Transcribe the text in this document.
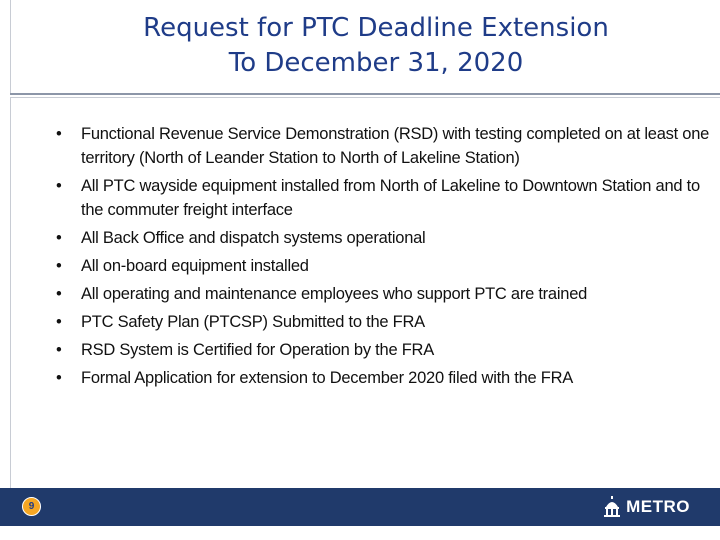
Request for PTC Deadline Extension
To December 31, 2020
•	Functional Revenue Service Demonstration (RSD) with testing completed on at least one territory (North of Leander Station to North of Lakeline Station)
•	All PTC wayside equipment installed from North of Lakeline to Downtown Station and to the commuter freight interface
•	All Back Office and dispatch systems operational
•	All on-board equipment installed
•	All operating and maintenance employees who support PTC are trained
•	PTC Safety Plan (PTCSP) Submitted to the FRA
•	RSD System is Certified for Operation by the FRA
•	Formal Application for extension to December 2020 filed with the FRA
9	METRO
